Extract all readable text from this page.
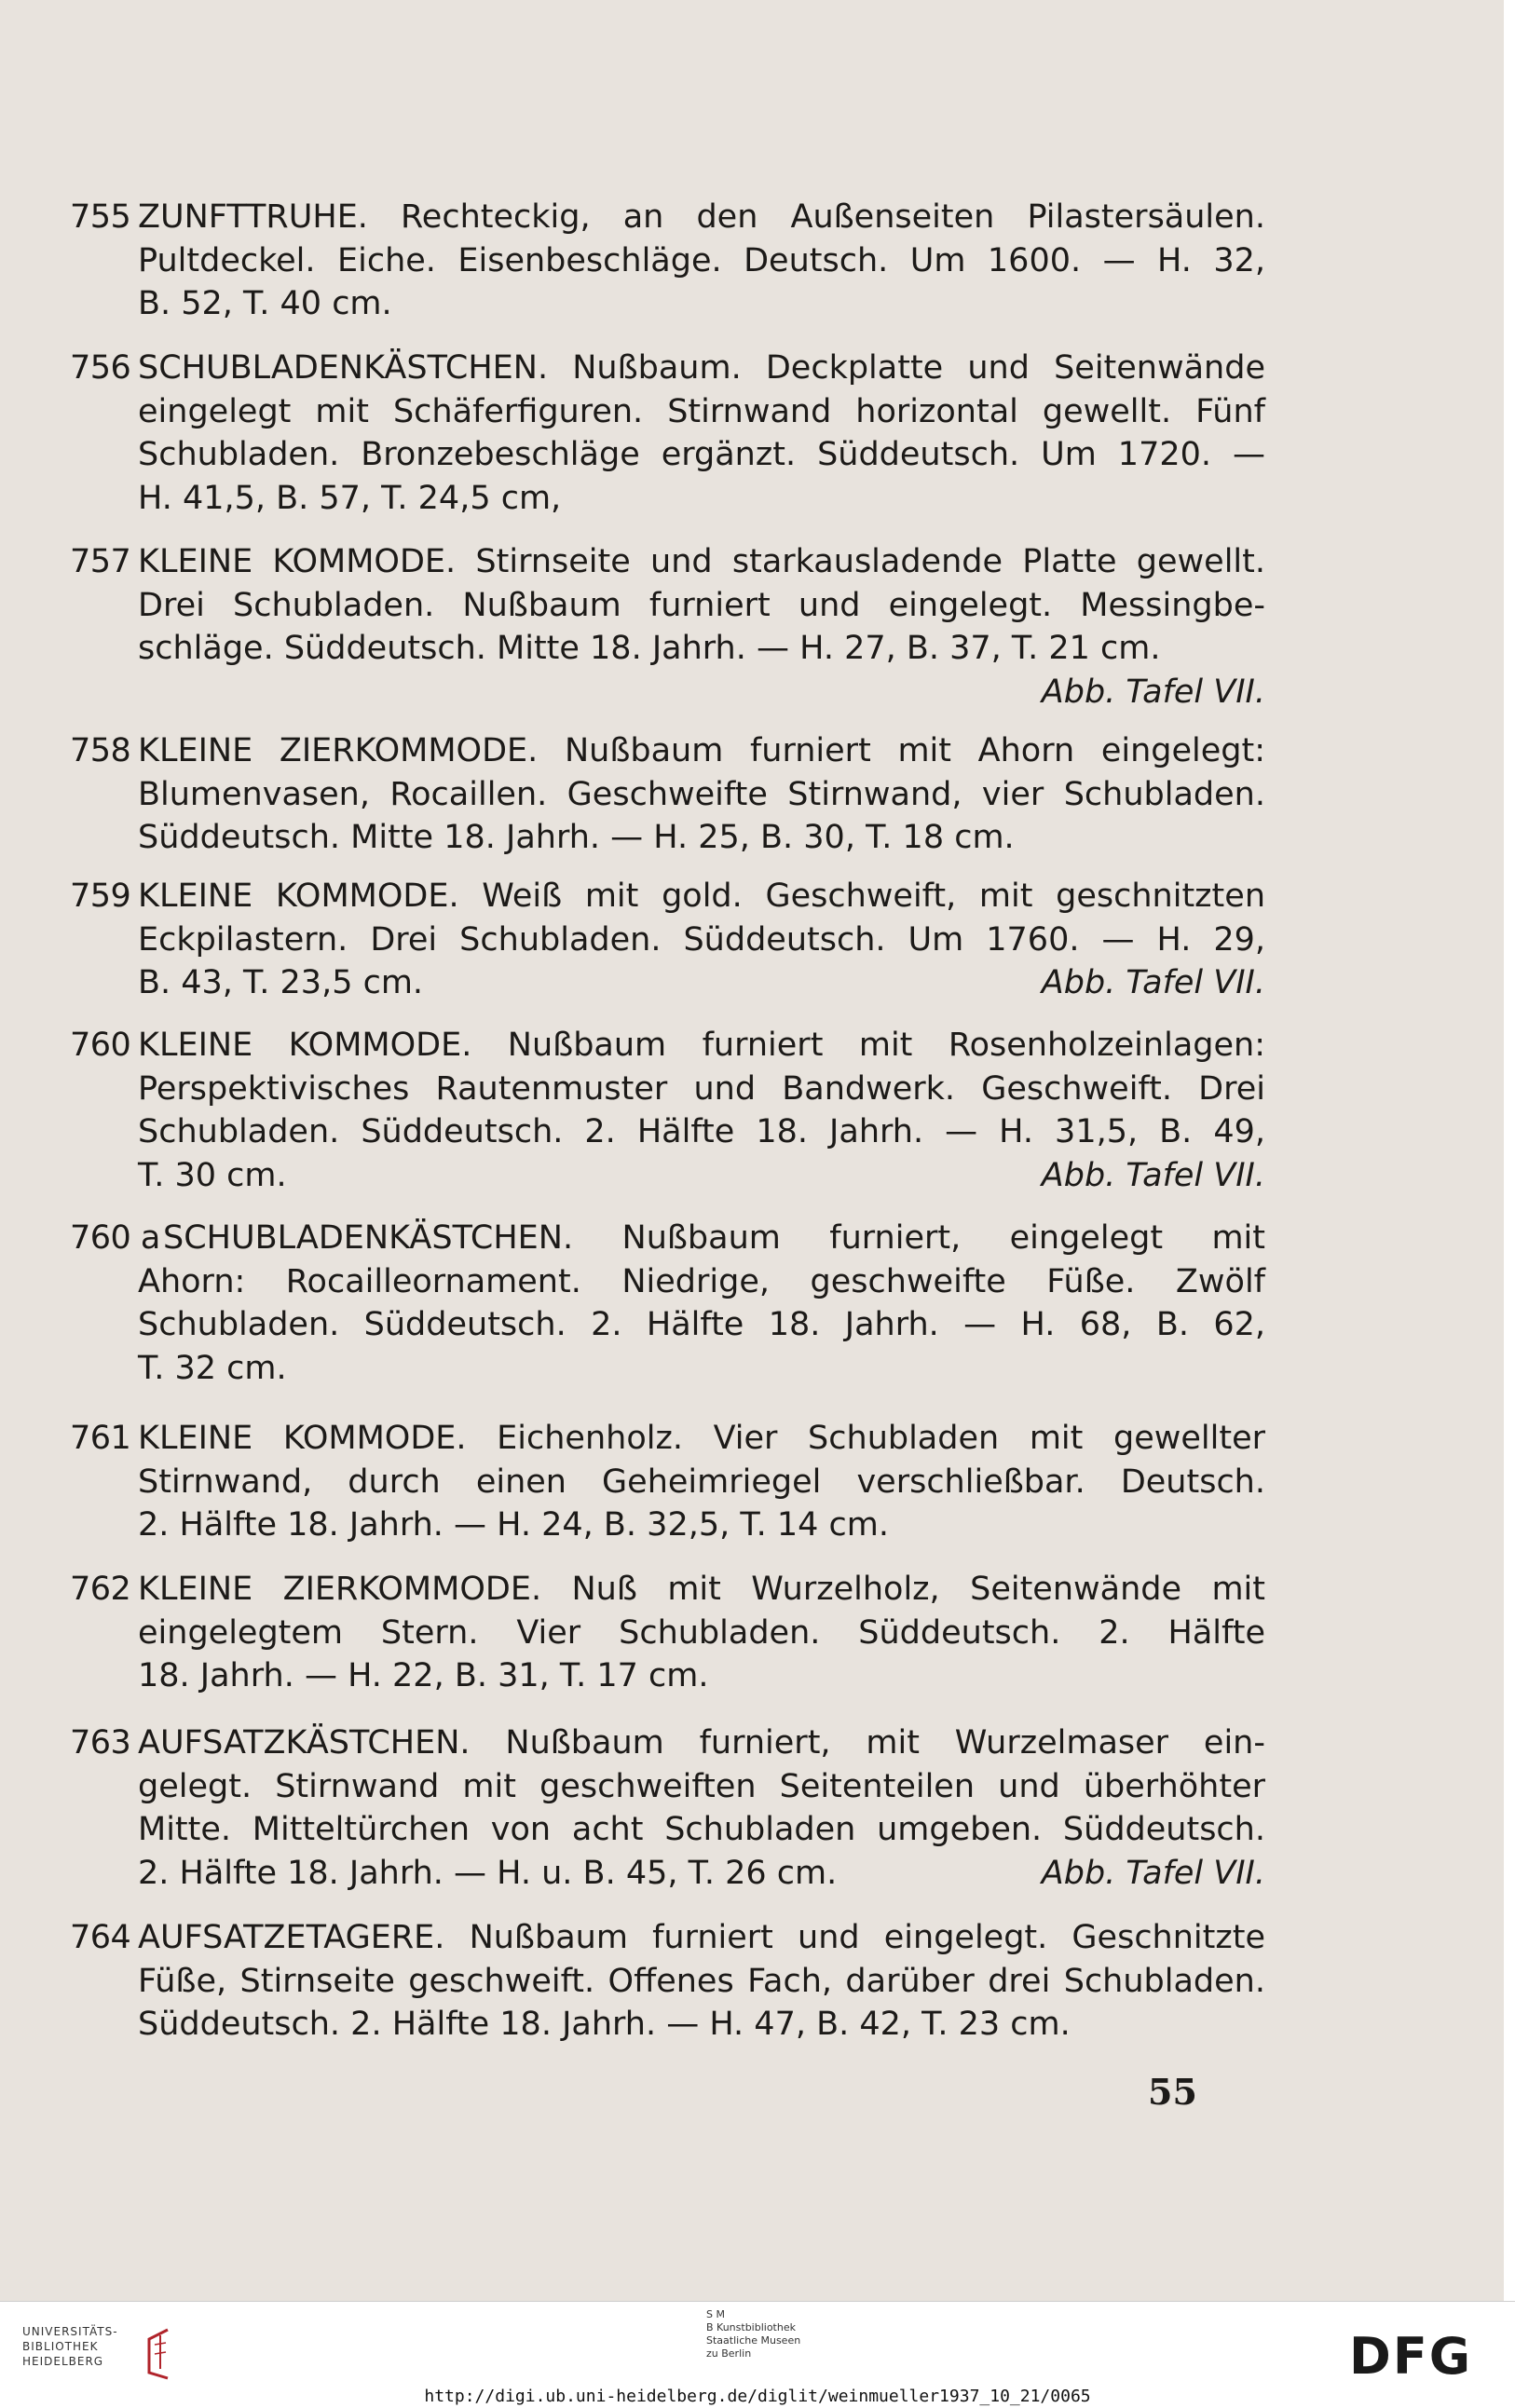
755 ZUNFTTRUHE. Rechteckig, an den Außenseiten Pilastersäulen.
Pultdeckel. Eiche. Eisenbeschläge. Deutsch. Um 1600. — H. 32,
B. 52, T. 40 cm.
756 SCHUBLADENKÄSTCHEN. Nußbaum. Deckplatte und Seitenwände
eingelegt mit Schäferfiguren. Stirnwand horizontal gewellt. Fünf
Schubladen. Bronzebeschläge ergänzt. Süddeutsch. Um 1720. —
H. 41,5, B. 57, T. 24,5 cm,
757 KLEINE KOMMODE. Stirnseite und starkausladende Platte gewellt.
Drei Schubladen. Nußbaum furniert und eingelegt. Messingbe-
schläge. Süddeutsch. Mitte 18. Jahrh. — H. 27, B. 37, T. 21 cm.
Abb. Tafel VII.
758 KLEINE ZIERKOMMODE. Nußbaum furniert mit Ahorn eingelegt:
Blumenvasen, Rocaillen. Geschweifte Stirnwand, vier Schubladen.
Süddeutsch. Mitte 18. Jahrh. — H. 25, B. 30, T. 18 cm.
759 KLEINE KOMMODE. Weiß mit gold. Geschweift, mit geschnitzten
Eckpilastern. Drei Schubladen. Süddeutsch. Um 1760. — H. 29,
B. 43, T. 23,5 cm.	Abb. Tafel VII.
760 KLEINE KOMMODE. Nußbaum furniert mit Rosenholzeinlagen:
Perspektivisches Rautenmuster und Bandwerk. Geschweift. Drei
Schubladen. Süddeutsch. 2. Hälfte 18. Jahrh. — H. 31,5, B. 49,
T. 30 cm.	Abb. Tafel VII.
760 a SCHUBLADENKÄSTCHEN. Nußbaum furniert, eingelegt mit
Ahorn: Rocailleornament. Niedrige, geschweifte Füße. Zwölf
Schubladen. Süddeutsch. 2. Hälfte 18. Jahrh. — H. 68, B. 62,
T. 32 cm.
761 KLEINE KOMMODE. Eichenholz. Vier Schubladen mit gewellter
Stirnwand, durch einen Geheimriegel verschließbar. Deutsch.
2. Hälfte 18. Jahrh. — H. 24, B. 32,5, T. 14 cm.
762 KLEINE ZIERKOMMODE. Nuß mit Wurzelholz, Seitenwände mit
eingelegtem Stern. Vier Schubladen. Süddeutsch. 2. Hälfte
18. Jahrh. — H. 22, B. 31, T. 17 cm.
763 AUFSATZKÄSTCHEN. Nußbaum furniert, mit Wurzelmaser ein-
gelegt. Stirnwand mit geschweiften Seitenteilen und überhöhter
Mitte. Mitteltürchen von acht Schubladen umgeben. Süddeutsch.
2. Hälfte 18. Jahrh. — H. u. B. 45, T. 26 cm.	Abb. Tafel VII.
764 AUFSATZETAGERE. Nußbaum furniert und eingelegt. Geschnitzte
Füße, Stirnseite geschweift. Offenes Fach, darüber drei Schubladen.
Süddeutsch. 2. Hälfte 18. Jahrh. — H. 47, B. 42, T. 23 cm.
55
UNIVERSITÄTS-
BIBLIOTHEK
HEIDELBERG
S M
B Kunstbibliothek
Staatliche Museen
zu Berlin	DFG
http://digi.ub.uni-heidelberg.de/diglit/weinmueller1937_10_21/0065
